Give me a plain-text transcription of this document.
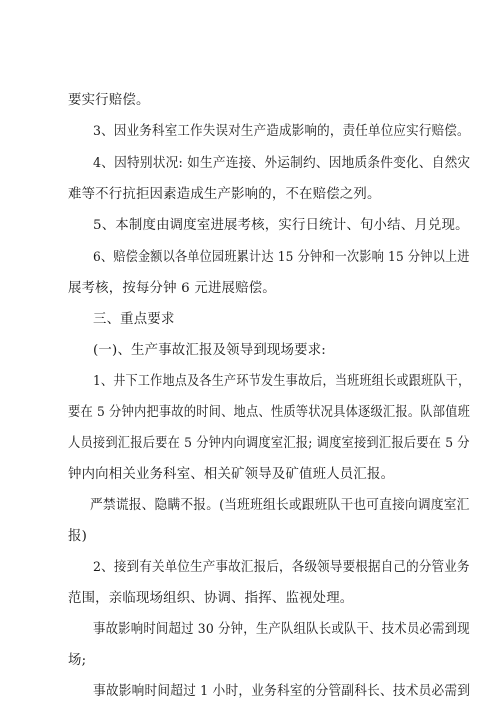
要实行赔偿。
3、因业务科室工作失误对生产造成影响的，责任单位应实行赔偿。
4、因特别状况: 如生产连接、外运制约、因地质条件变化、自然灾
难等不行抗拒因素造成生产影响的，不在赔偿之列。
5、本制度由调度室进展考核，实行日统计、旬小结、月兑现。
6、赔偿金额以各单位园班累计达 15 分钟和一次影响 15 分钟以上进
展考核，按每分钟 6 元进展赔偿。
三、重点要求
(一)、生产事故汇报及领导到现场要求:
1、井下工作地点及各生产环节发生事故后，当班班组长或跟班队干，
要在 5 分钟内把事故的时间、地点、性质等状况具体逐级汇报。队部值班
人员接到汇报后要在 5 分钟内向调度室汇报; 调度室接到汇报后要在 5 分
钟内向相关业务科室、相关矿领导及矿值班人员汇报。
严禁谎报、隐瞒不报。(当班班组长或跟班队干也可直接向调度室汇
报)
2、接到有关单位生产事故汇报后，各级领导要根据自己的分管业务
范围，亲临现场组织、协调、指挥、监视处理。
事故影响时间超过 30 分钟，生产队组队长或队干、技术员必需到现
场;
事故影响时间超过 1 小时，业务科室的分管副科长、技术员必需到
